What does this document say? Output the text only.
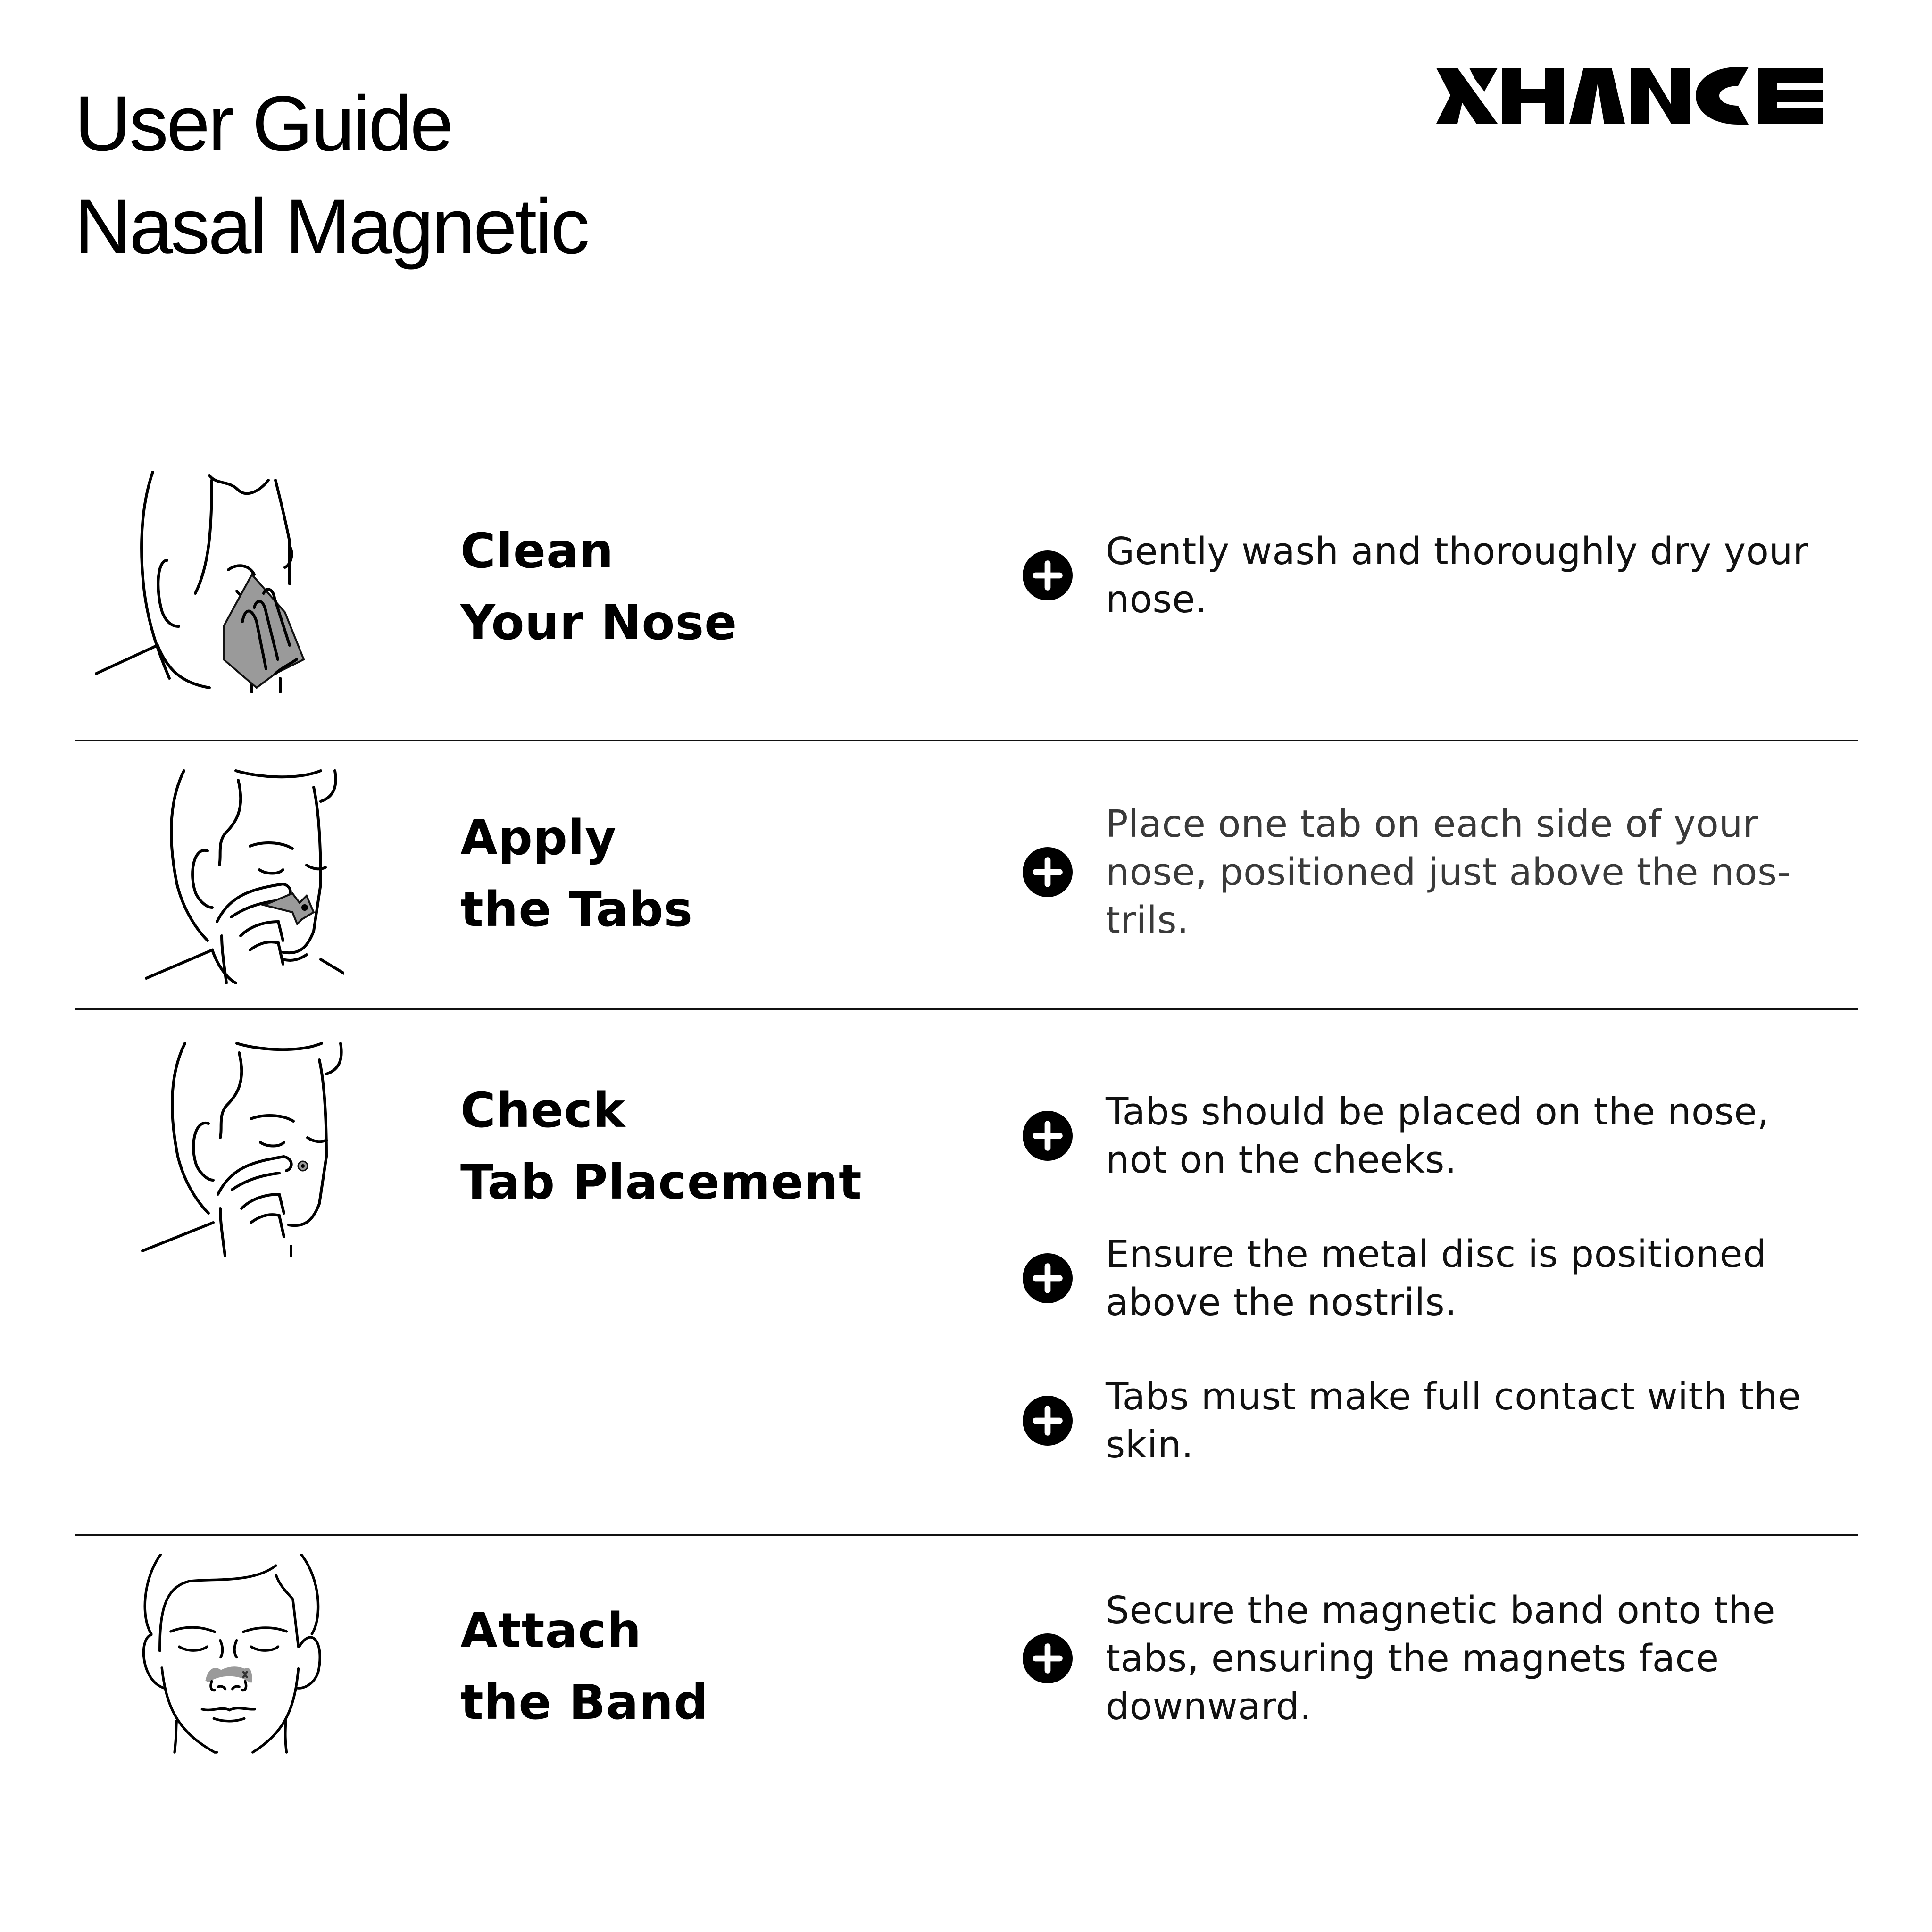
User Guide
Nasal Magnetic
Clean
Your Nose
Gently wash and thoroughly dry your
nose.
Apply
the Tabs
Place one tab on each side of your
nose, positioned just above the nos-
trils.
Check
Tab Placement
Tabs should be placed on the nose,
not on the cheeks.
Ensure the metal disc is positioned
above the nostrils.
Tabs must make full contact with the
skin.
Attach
the Band
Secure the magnetic band onto the
tabs, ensuring the magnets face
downward.
